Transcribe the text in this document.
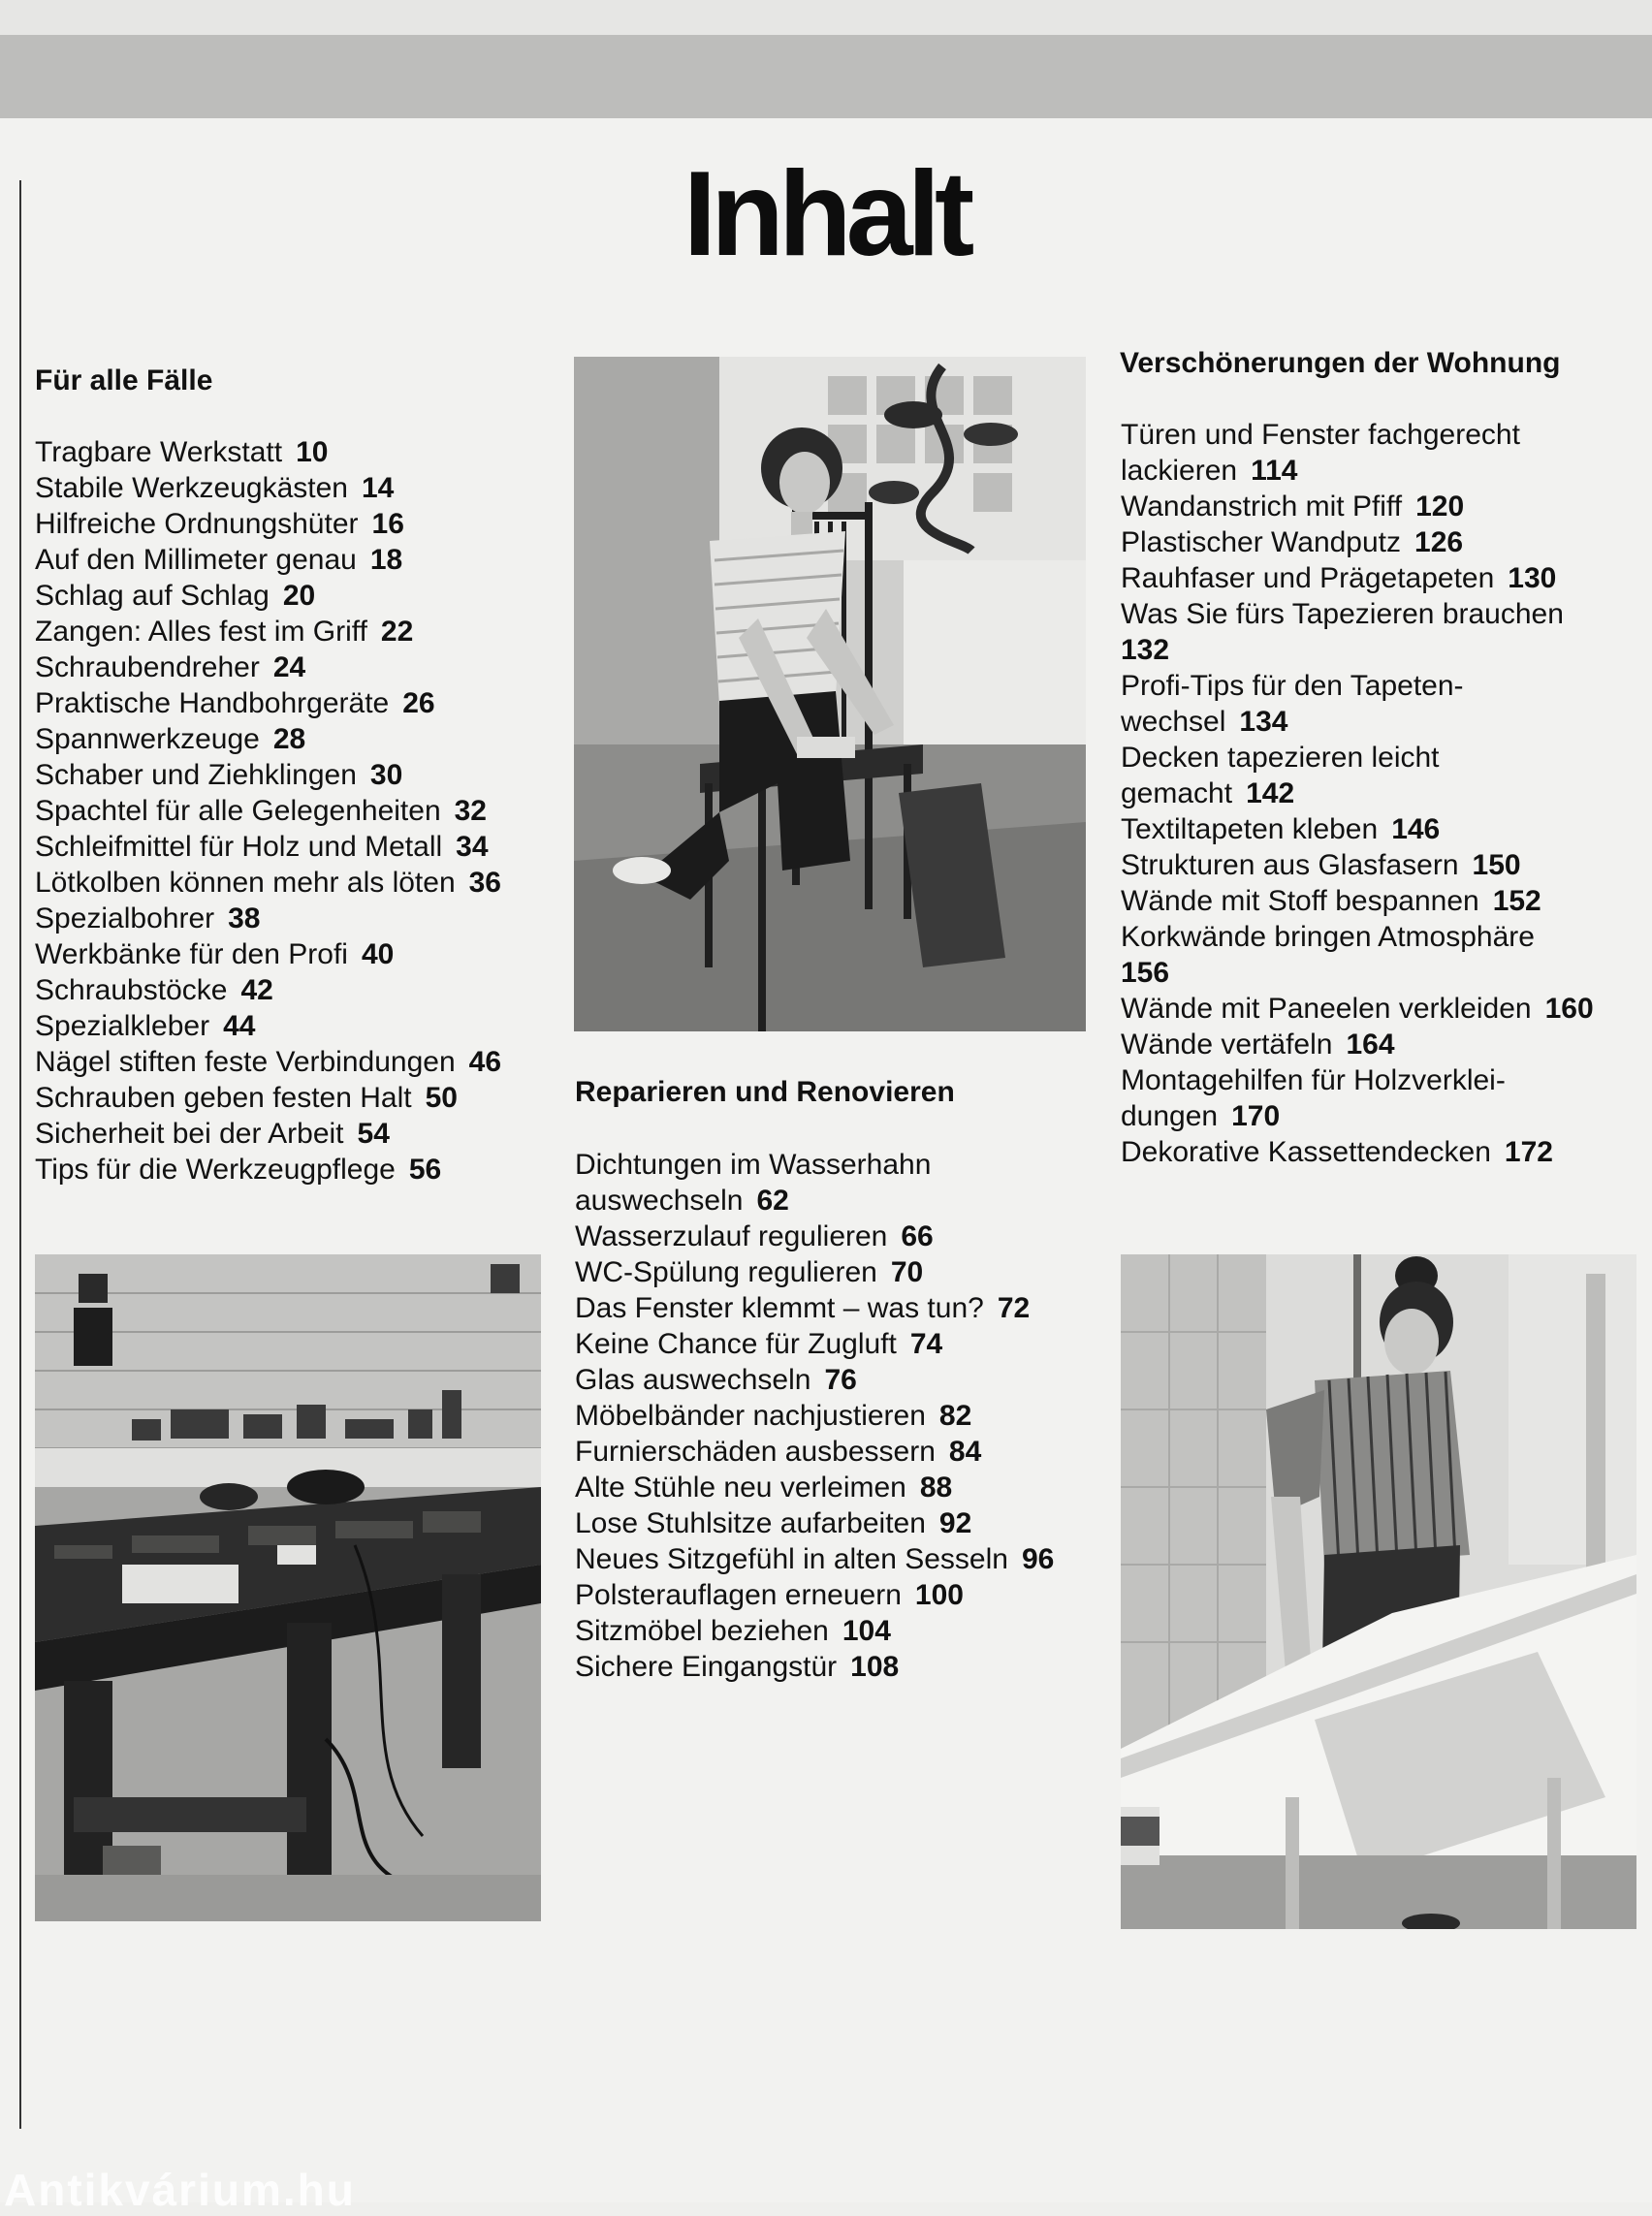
Inhalt
Für alle Fälle
Tragbare Werkstatt 10
Stabile Werkzeugkästen 14
Hilfreiche Ordnungshüter 16
Auf den Millimeter genau 18
Schlag auf Schlag 20
Zangen: Alles fest im Griff 22
Schraubendreher 24
Praktische Handbohrgeräte 26
Spannwerkzeuge 28
Schaber und Ziehklingen 30
Spachtel für alle Gelegenheiten 32
Schleifmittel für Holz und Metall 34
Lötkolben können mehr als löten 36
Spezialbohrer 38
Werkbänke für den Profi 40
Schraubstöcke 42
Spezialkleber 44
Nägel stiften feste Verbindungen 46
Schrauben geben festen Halt 50
Sicherheit bei der Arbeit 54
Tips für die Werkzeugpflege 56
Reparieren und Renovieren
Dichtungen im Wasserhahn
auswechseln 62
Wasserzulauf regulieren 66
WC-Spülung regulieren 70
Das Fenster klemmt – was tun? 72
Keine Chance für Zugluft 74
Glas auswechseln 76
Möbelbänder nachjustieren 82
Furnierschäden ausbessern 84
Alte Stühle neu verleimen 88
Lose Stuhlsitze aufarbeiten 92
Neues Sitzgefühl in alten Sesseln 96
Polsterauflagen erneuern 100
Sitzmöbel beziehen 104
Sichere Eingangstür 108
Verschönerungen der Wohnung
Türen und Fenster fachgerecht
lackieren 114
Wandanstrich mit Pfiff 120
Plastischer Wandputz 126
Rauhfaser und Prägetapeten 130
Was Sie fürs Tapezieren brauchen
132
Profi-Tips für den Tapeten-
wechsel 134
Decken tapezieren leicht
gemacht 142
Textiltapeten kleben 146
Strukturen aus Glasfasern 150
Wände mit Stoff bespannen 152
Korkwände bringen Atmosphäre
156
Wände mit Paneelen verkleiden 160
Wände vertäfeln 164
Montagehilfen für Holzverklei-
dungen 170
Dekorative Kassettendecken 172
Antikvárium.hu
